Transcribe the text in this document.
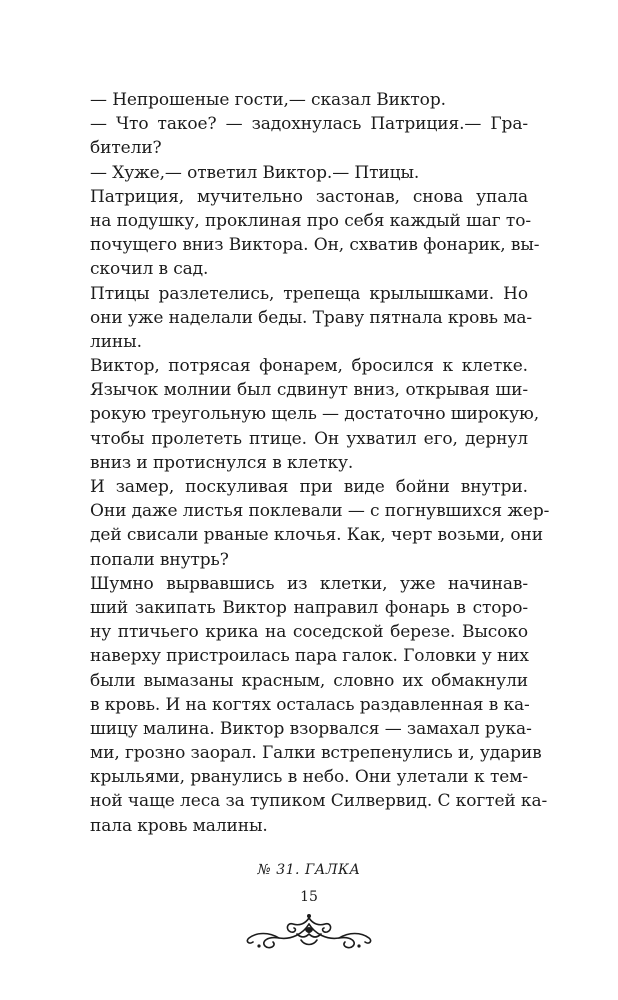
— Непрошеные гости,— сказал Виктор.
— Что такое? — задохнулась Патриция.— Гра-
бители?
— Хуже,— ответил Виктор.— Птицы.
Патриция, мучительно застонав, снова упала
на подушку, проклиная про себя каждый шаг то-
почущего вниз Виктора. Он, схватив фонарик, вы-
скочил в сад.
Птицы разлетелись, трепеща крылышками. Но
они уже наделали беды. Траву пятнала кровь ма-
лины.
Виктор, потрясая фонарем, бросился к клетке.
Язычок молнии был сдвинут вниз, открывая ши-
рокую треугольную щель — достаточно широкую,
чтобы пролететь птице. Он ухватил его, дернул
вниз и протиснулся в клетку.
И замер, поскуливая при виде бойни внутри.
Они даже листья поклевали — с погнувшихся жер-
дей свисали рваные клочья. Как, черт возьми, они
попали внутрь?
Шумно вырвавшись из клетки, уже начинав-
ший закипать Виктор направил фонарь в сторо-
ну птичьего крика на соседской березе. Высоко
наверху пристроилась пара галок. Головки у них
были вымазаны красным, словно их обмакнули
в кровь. И на когтях осталась раздавленная в ка-
шицу малина. Виктор взорвался — замахал рука-
ми, грозно заорал. Галки встрепенулись и, ударив
крыльями, рванулись в небо. Они улетали к тем-
ной чаще леса за тупиком Силвервид. С когтей ка-
пала кровь малины.
№ 31. ГАЛКА
15
